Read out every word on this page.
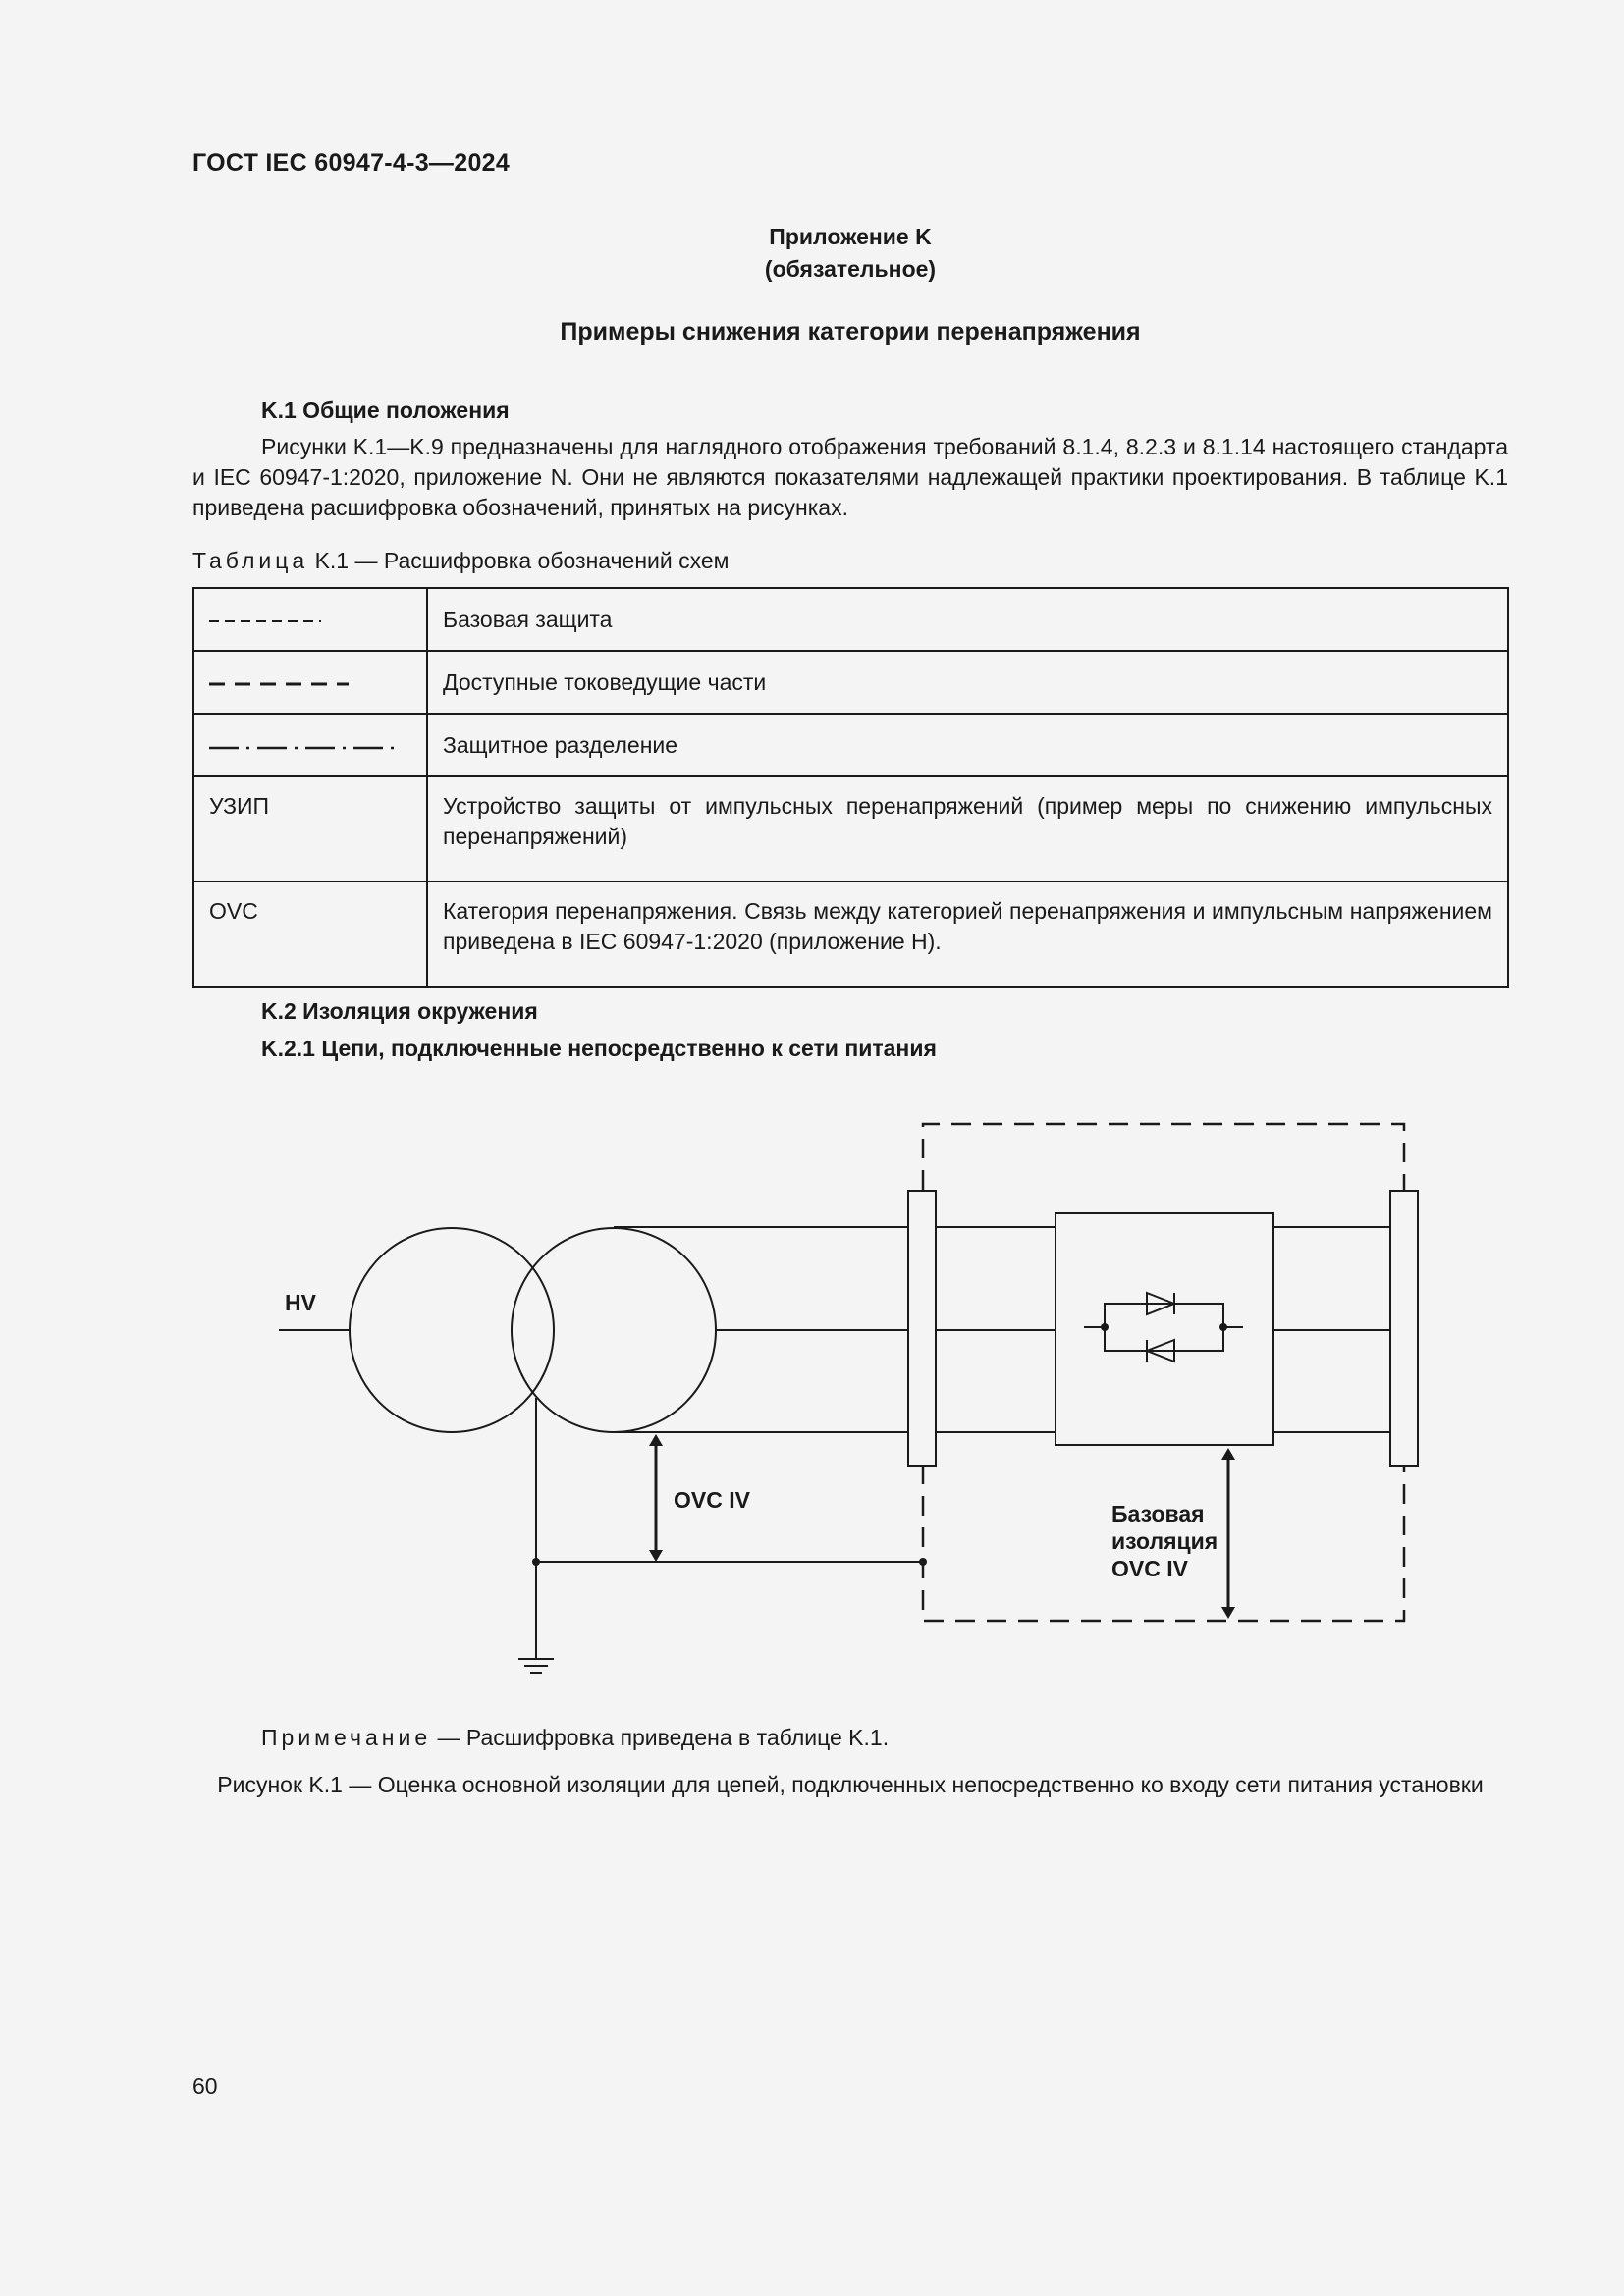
ГОСТ IEC 60947-4-3—2024
Приложение K
(обязательное)
Примеры снижения категории перенапряжения
K.1 Общие положения
Рисунки K.1—K.9 предназначены для наглядного отображения требований 8.1.4, 8.2.3 и 8.1.14 настоящего стандарта и IEC 60947-1:2020, приложение N. Они не являются показателями надлежащей практики проектирования. В таблице K.1 приведена расшифровка обозначений, принятых на рисунках.
Таблица K.1 — Расшифровка обозначений схем
	Базовая защита
	Доступные токоведущие части
	Защитное разделение
УЗИП	Устройство защиты от импульсных перенапряжений (пример меры по снижению импульсных перенапряжений)
OVC	Категория перенапряжения. Связь между категорией перенапряжения и импульсным напряжением приведена в IEC 60947-1:2020 (приложение H).
K.2 Изоляция окружения
K.2.1 Цепи, подключенные непосредственно к сети питания
HV
OVC IV
Базовая
изоляция
OVC IV
Примечание — Расшифровка приведена в таблице K.1.
Рисунок K.1 — Оценка основной изоляции для цепей, подключенных непосредственно ко входу сети питания установки
60
